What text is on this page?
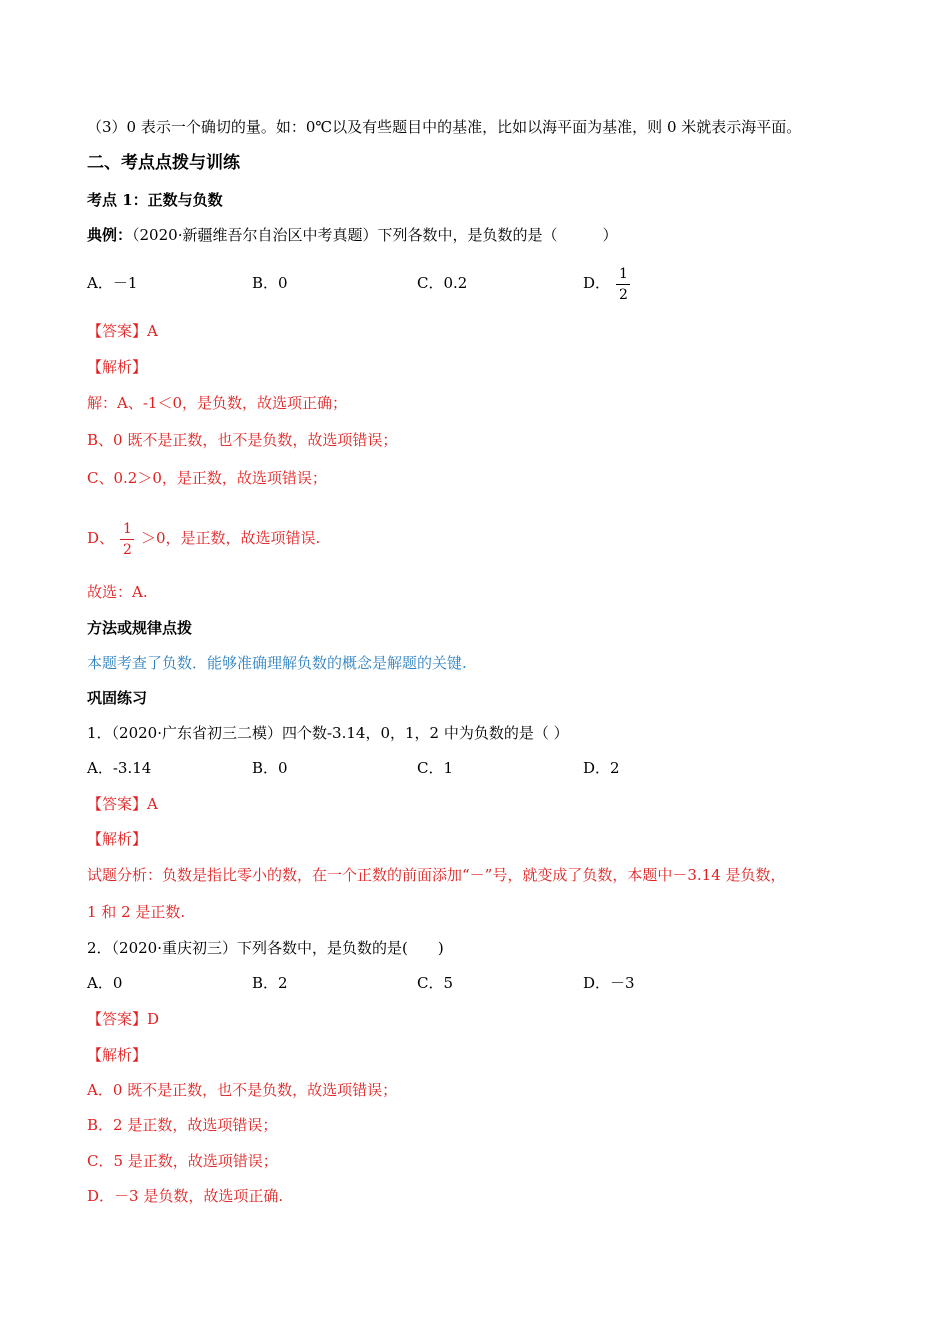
（3）0 表示一个确切的量。如：0℃以及有些题目中的基准，比如以海平面为基准，则 0 米就表示海平面。
二、考点点拨与训练
考点 1：正数与负数
典例：（2020·新疆维吾尔自治区中考真题）下列各数中，是负数的是（　　　）
A．－1	B．0	C．0.2	D． $\frac{1}{2}$
【答案】A
【解析】
解：A、-1＜0，是负数，故选项正确；
B、0 既不是正数，也不是负数，故选项错误；
C、0.2＞0，是正数，故选项错误；
D、 $\frac{1}{2} >0$，是正数，故选项错误.
故选：A.
方法或规律点拨
本题考查了负数．能够准确理解负数的概念是解题的关键.
巩固练习
1．（2020·广东省初三二模）四个数-3.14，0，1，2 中为负数的是（ ）
A．-3.14	B．0	C．1	D．2
【答案】A
【解析】
试题分析：负数是指比零小的数，在一个正数的前面添加“－”号，就变成了负数，本题中－3.14 是负数，
1 和 2 是正数.
2．（2020·重庆初三）下列各数中，是负数的是(　　)
A．0	B．2	C．5	D．－3
【答案】D
【解析】
A．0 既不是正数，也不是负数，故选项错误；
B．2 是正数，故选项错误；
C．5 是正数，故选项错误；
D．－3 是负数，故选项正确.
